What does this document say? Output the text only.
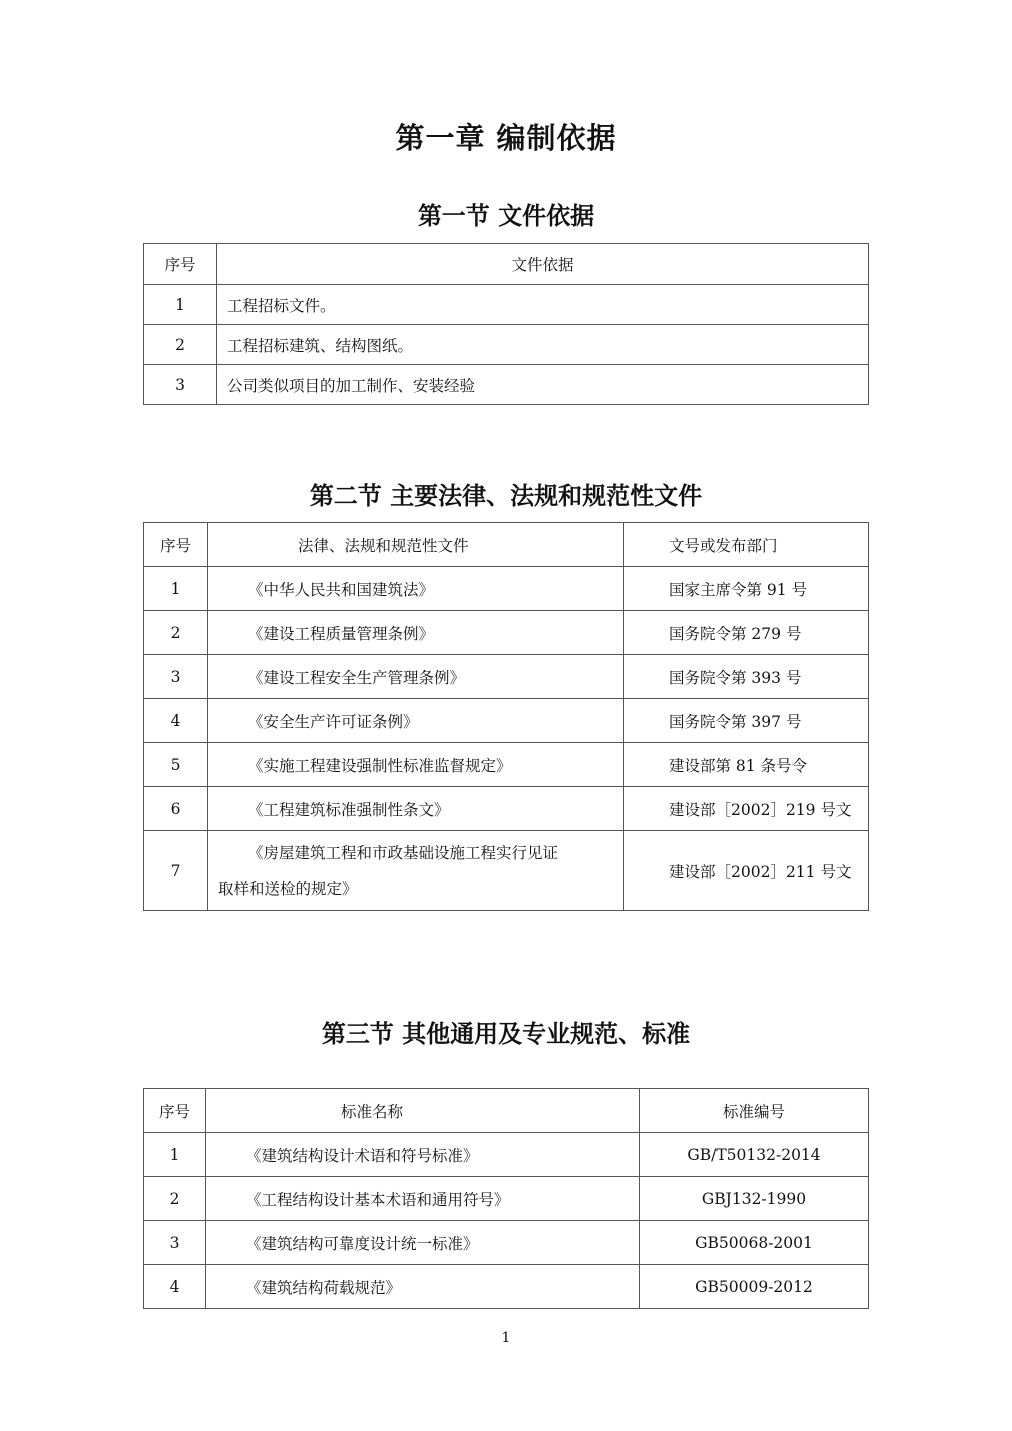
第一章 编制依据
第一节 文件依据
序号	文件依据
1	工程招标文件。
2	工程招标建筑、结构图纸。
3	公司类似项目的加工制作、安装经验
第二节 主要法律、法规和规范性文件
序号	法律、法规和规范性文件	文号或发布部门
1	《中华人民共和国建筑法》	国家主席令第 91 号
2	《建设工程质量管理条例》	国务院令第 279 号
3	《建设工程安全生产管理条例》	国务院令第 393 号
4	《安全生产许可证条例》	国务院令第 397 号
5	《实施工程建设强制性标准监督规定》	建设部第 81 条号令
6	《工程建筑标准强制性条文》	建设部［2002］219 号文
7	《房屋建筑工程和市政基础设施工程实行见证
取样和送检的规定》	建设部［2002］211 号文
第三节 其他通用及专业规范、标准
序号	标准名称	标准编号
1	《建筑结构设计术语和符号标准》	GB/T50132-2014
2	《工程结构设计基本术语和通用符号》	GBJ132-1990
3	《建筑结构可靠度设计统一标准》	GB50068-2001
4	《建筑结构荷载规范》	GB50009-2012
1
